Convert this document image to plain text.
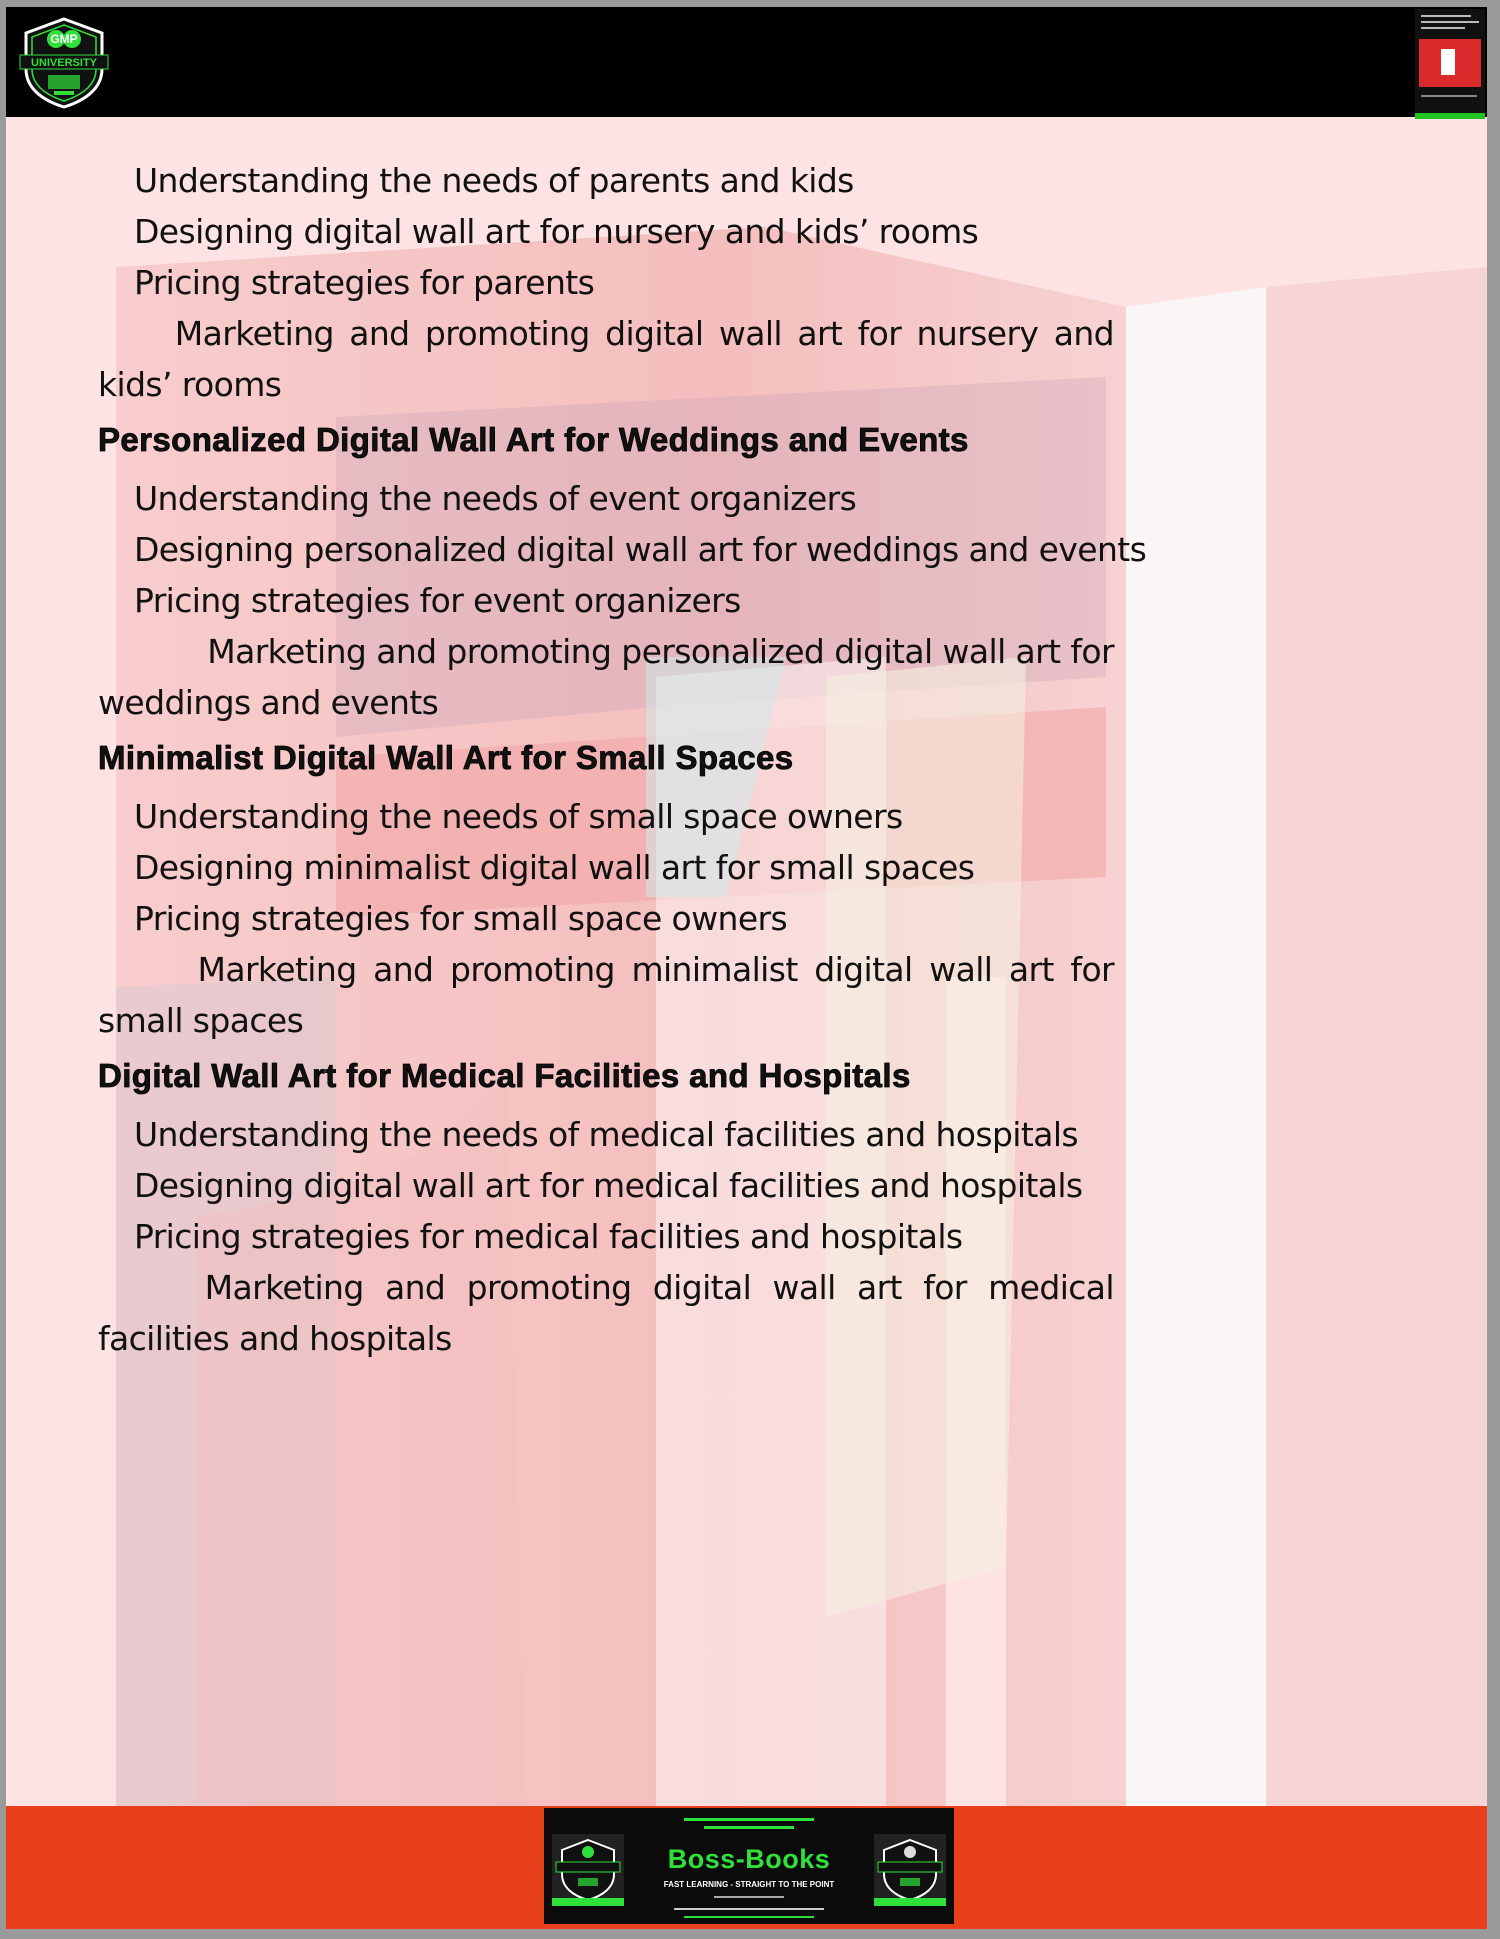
GMP
UNIVERSITY

Understanding the needs of parents and kids

Designing digital wall art for nursery and kids’ rooms

Pricing strategies for parents

Marketing and promoting digital wall art for nursery and kids’ rooms

Personalized Digital Wall Art for Weddings and Events

Understanding the needs of event organizers

Designing personalized digital wall art for weddings and events

Pricing strategies for event organizers

Marketing and promoting personalized digital wall art for weddings and events

Minimalist Digital Wall Art for Small Spaces

Understanding the needs of small space owners

Designing minimalist digital wall art for small spaces

Pricing strategies for small space owners

Marketing and promoting minimalist digital wall art for small spaces

Digital Wall Art for Medical Facilities and Hospitals

Understanding the needs of medical facilities and hospitals

Designing digital wall art for medical facilities and hospitals

Pricing strategies for medical facilities and hospitals

Marketing and promoting digital wall art for medical facilities and hospitals

Boss-Books
FAST LEARNING - STRAIGHT TO THE POINT
